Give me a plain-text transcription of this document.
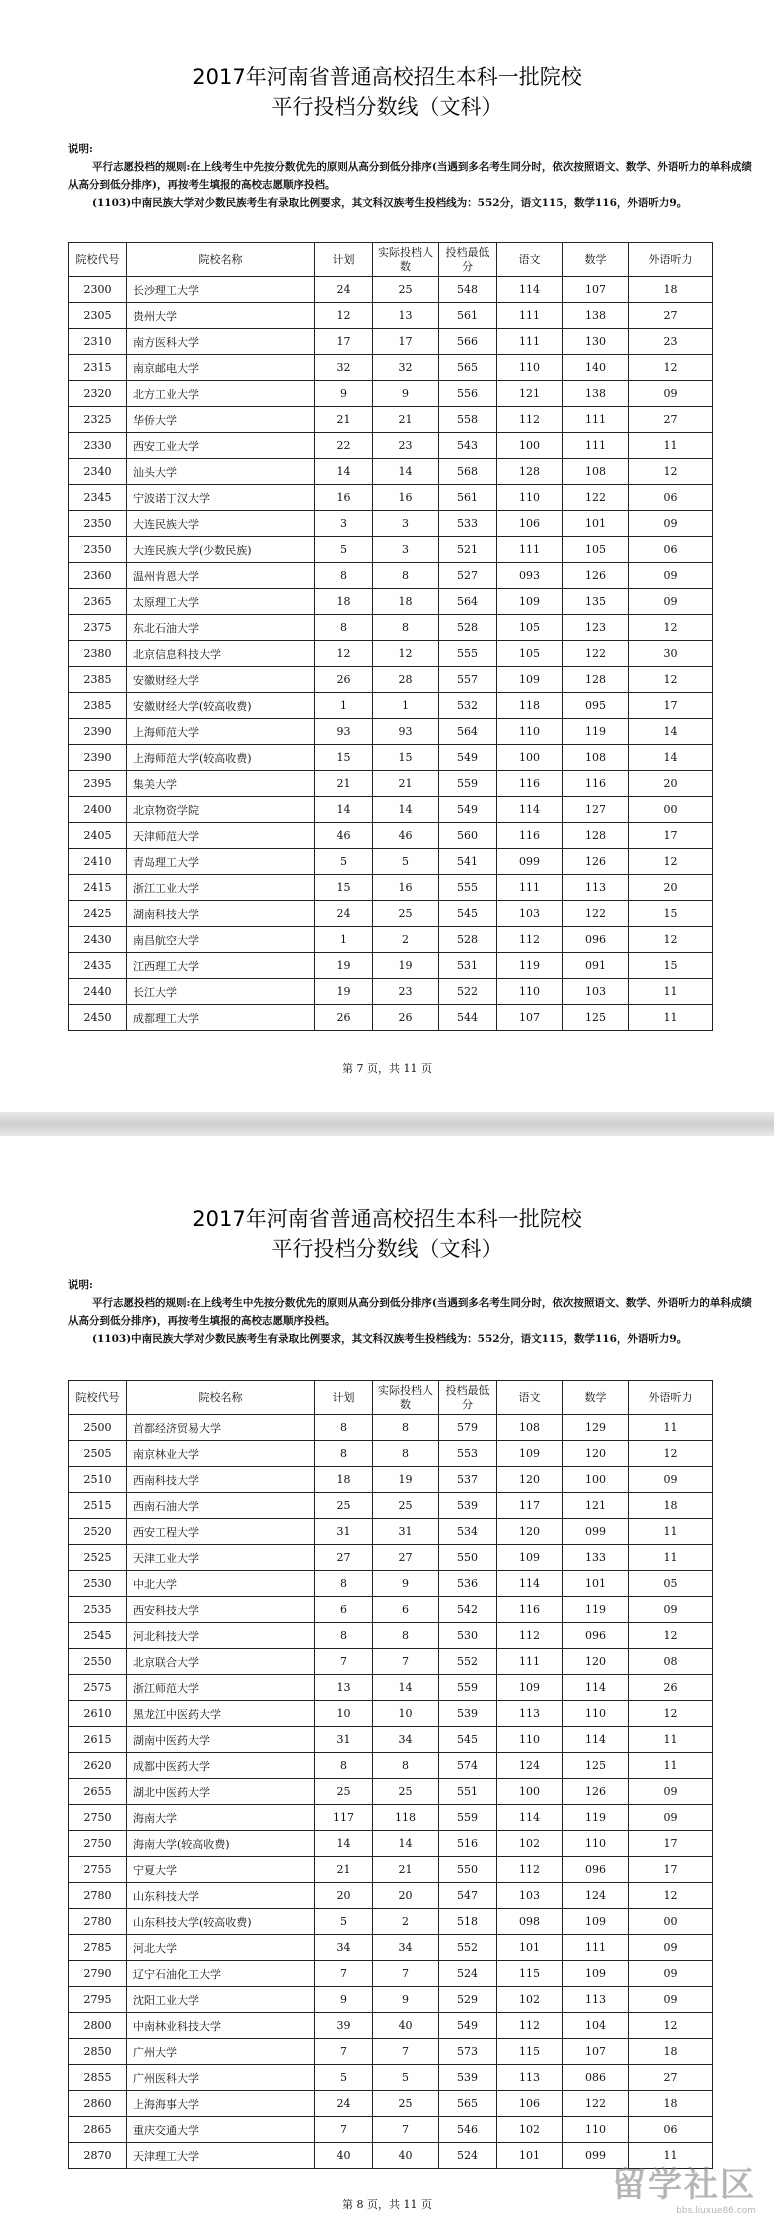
2017年河南省普通高校招生本科一批院校
平行投档分数线（文科）

说明:

平行志愿投档的规则:在上线考生中先按分数优先的原则从高分到低分排序(当遇到多名考生同分时，依次按照语文、数学、外语听力的单科成绩从高分到低分排序)，再按考生填报的高校志愿顺序投档。

(1103)中南民族大学对少数民族考生有录取比例要求，其文科汉族考生投档线为：552分，语文115，数学116，外语听力9。

院校代号	院校名称	计划	实际投档人数	投档最低分	语文	数学	外语听力
2300	长沙理工大学	24	25	548	114	107	18
2305	贵州大学	12	13	561	111	138	27
2310	南方医科大学	17	17	566	111	130	23
2315	南京邮电大学	32	32	565	110	140	12
2320	北方工业大学	9	9	556	121	138	09
2325	华侨大学	21	21	558	112	111	27
2330	西安工业大学	22	23	543	100	111	11
2340	汕头大学	14	14	568	128	108	12
2345	宁波诺丁汉大学	16	16	561	110	122	06
2350	大连民族大学	3	3	533	106	101	09
2350	大连民族大学(少数民族)	5	3	521	111	105	06
2360	温州肯恩大学	8	8	527	093	126	09
2365	太原理工大学	18	18	564	109	135	09
2375	东北石油大学	8	8	528	105	123	12
2380	北京信息科技大学	12	12	555	105	122	30
2385	安徽财经大学	26	28	557	109	128	12
2385	安徽财经大学(较高收费)	1	1	532	118	095	17
2390	上海师范大学	93	93	564	110	119	14
2390	上海师范大学(较高收费)	15	15	549	100	108	14
2395	集美大学	21	21	559	116	116	20
2400	北京物资学院	14	14	549	114	127	00
2405	天津师范大学	46	46	560	116	128	17
2410	青岛理工大学	5	5	541	099	126	12
2415	浙江工业大学	15	16	555	111	113	20
2425	湖南科技大学	24	25	545	103	122	15
2430	南昌航空大学	1	2	528	112	096	12
2435	江西理工大学	19	19	531	119	091	15
2440	长江大学	19	23	522	110	103	11
2450	成都理工大学	26	26	544	107	125	11
第 7 页，共 11 页
2017年河南省普通高校招生本科一批院校
平行投档分数线（文科）

说明:

平行志愿投档的规则:在上线考生中先按分数优先的原则从高分到低分排序(当遇到多名考生同分时，依次按照语文、数学、外语听力的单科成绩从高分到低分排序)，再按考生填报的高校志愿顺序投档。

(1103)中南民族大学对少数民族考生有录取比例要求，其文科汉族考生投档线为：552分，语文115，数学116，外语听力9。

院校代号	院校名称	计划	实际投档人数	投档最低分	语文	数学	外语听力
2500	首都经济贸易大学	8	8	579	108	129	11
2505	南京林业大学	8	8	553	109	120	12
2510	西南科技大学	18	19	537	120	100	09
2515	西南石油大学	25	25	539	117	121	18
2520	西安工程大学	31	31	534	120	099	11
2525	天津工业大学	27	27	550	109	133	11
2530	中北大学	8	9	536	114	101	05
2535	西安科技大学	6	6	542	116	119	09
2545	河北科技大学	8	8	530	112	096	12
2550	北京联合大学	7	7	552	111	120	08
2575	浙江师范大学	13	14	559	109	114	26
2610	黑龙江中医药大学	10	10	539	113	110	12
2615	湖南中医药大学	31	34	545	110	114	11
2620	成都中医药大学	8	8	574	124	125	11
2655	湖北中医药大学	25	25	551	100	126	09
2750	海南大学	117	118	559	114	119	09
2750	海南大学(较高收费)	14	14	516	102	110	17
2755	宁夏大学	21	21	550	112	096	17
2780	山东科技大学	20	20	547	103	124	12
2780	山东科技大学(较高收费)	5	2	518	098	109	00
2785	河北大学	34	34	552	101	111	09
2790	辽宁石油化工大学	7	7	524	115	109	09
2795	沈阳工业大学	9	9	529	102	113	09
2800	中南林业科技大学	39	40	549	112	104	12
2850	广州大学	7	7	573	115	107	18
2855	广州医科大学	5	5	539	113	086	27
2860	上海海事大学	24	25	565	106	122	18
2865	重庆交通大学	7	7	546	102	110	06
2870	天津理工大学	40	40	524	101	099	11
第 8 页，共 11 页	留学社区
bbs.liuxue86.com
